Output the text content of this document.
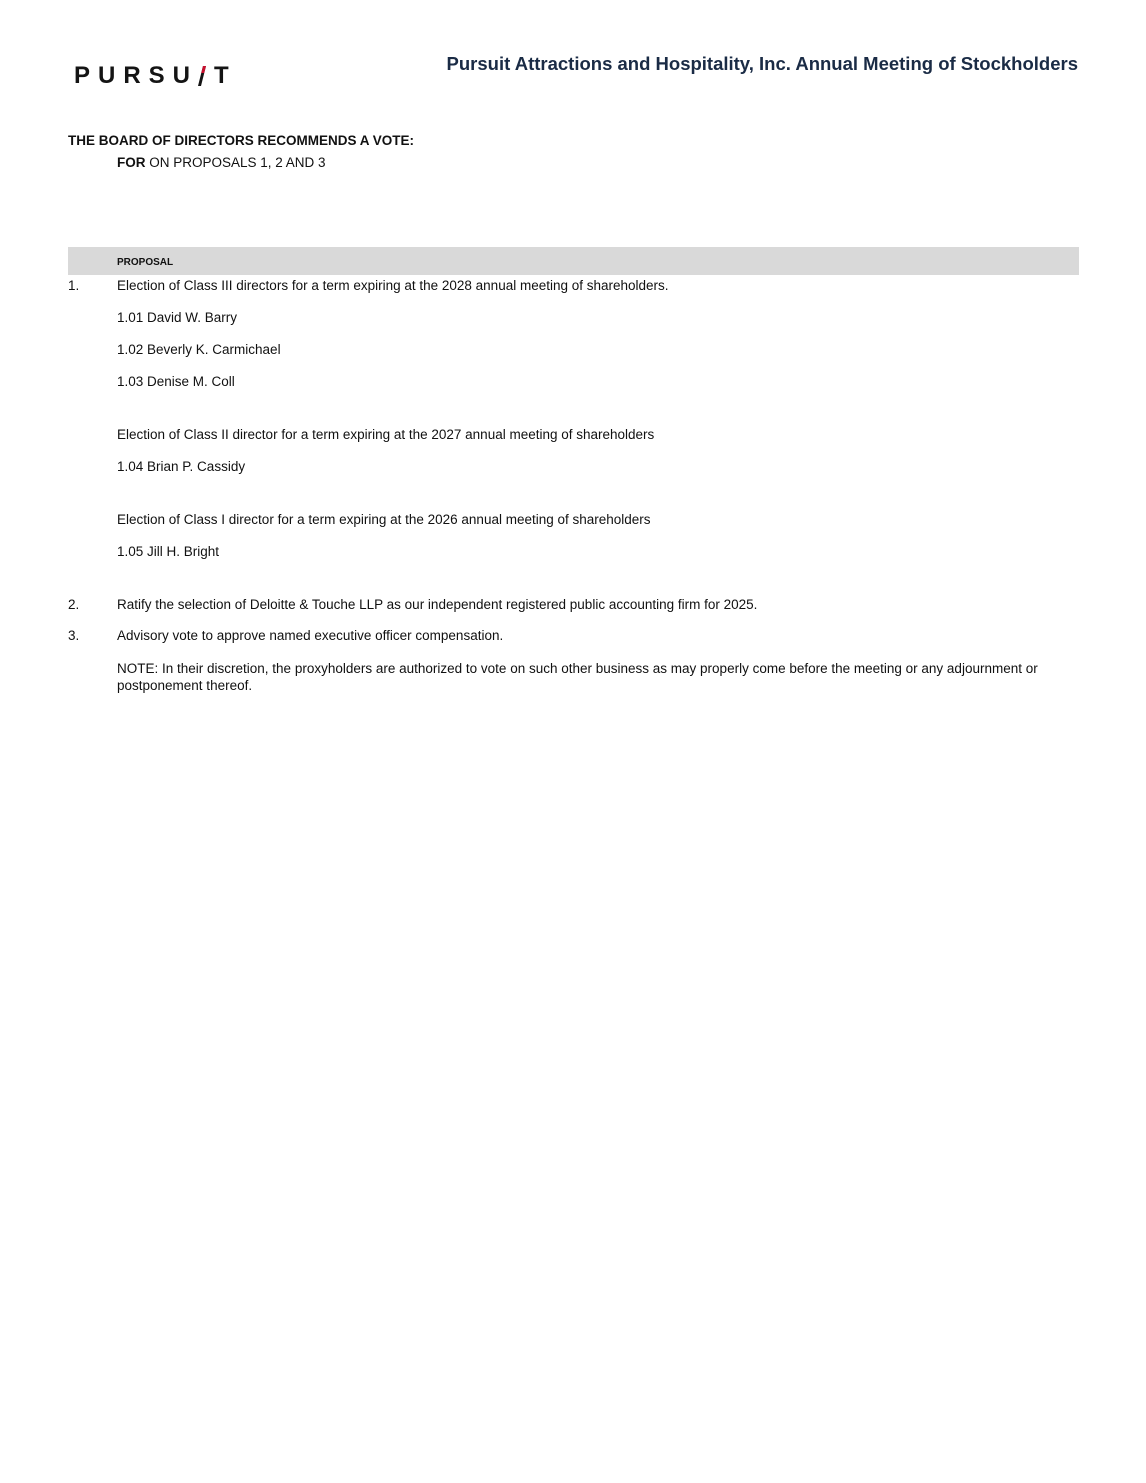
PURSU T	Pursuit Attractions and Hospitality, Inc. Annual Meeting of Stockholders
THE BOARD OF DIRECTORS RECOMMENDS A VOTE:
FOR ON PROPOSALS 1, 2 AND 3
PROPOSAL
1.	Election of Class III directors for a term expiring at the 2028 annual meeting of shareholders.
1.01 David W. Barry
1.02 Beverly K. Carmichael
1.03 Denise M. Coll
Election of Class II director for a term expiring at the 2027 annual meeting of shareholders
1.04 Brian P. Cassidy
Election of Class I director for a term expiring at the 2026 annual meeting of shareholders
1.05 Jill H. Bright
2.	Ratify the selection of Deloitte & Touche LLP as our independent registered public accounting firm for 2025.
3.	Advisory vote to approve named executive officer compensation.
NOTE: In their discretion, the proxyholders are authorized to vote on such other business as may properly come before the meeting or any adjournment or postponement thereof.
